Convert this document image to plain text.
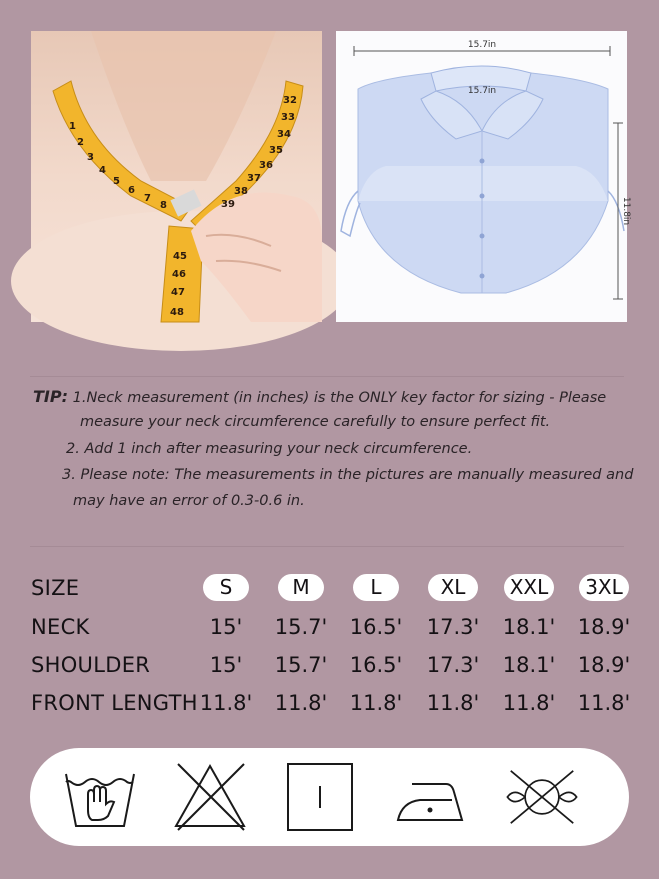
1
2
3
4
5
6
7
8
32
33
34
35
36
37
38
39
45
46
47
48
15.7in
15.7in
11.8in
TIP: 1.Neck measurement (in inches) is the ONLY key factor for sizing - Please
measure your neck circumference carefully to ensure perfect fit.
2. Add 1 inch after measuring your neck circumference.
3. Please note: The measurements in the pictures are manually measured and
may have an error of 0.3-0.6 in.
SIZE	S	M	L	XL	XXL	3XL
NECK	15'	15.7'	16.5'	17.3'	18.1'	18.9'
SHOULDER	15'	15.7'	16.5'	17.3'	18.1'	18.9'
FRONT LENGTH 11.8'	11.8'	11.8'	11.8'	11.8'	11.8'
